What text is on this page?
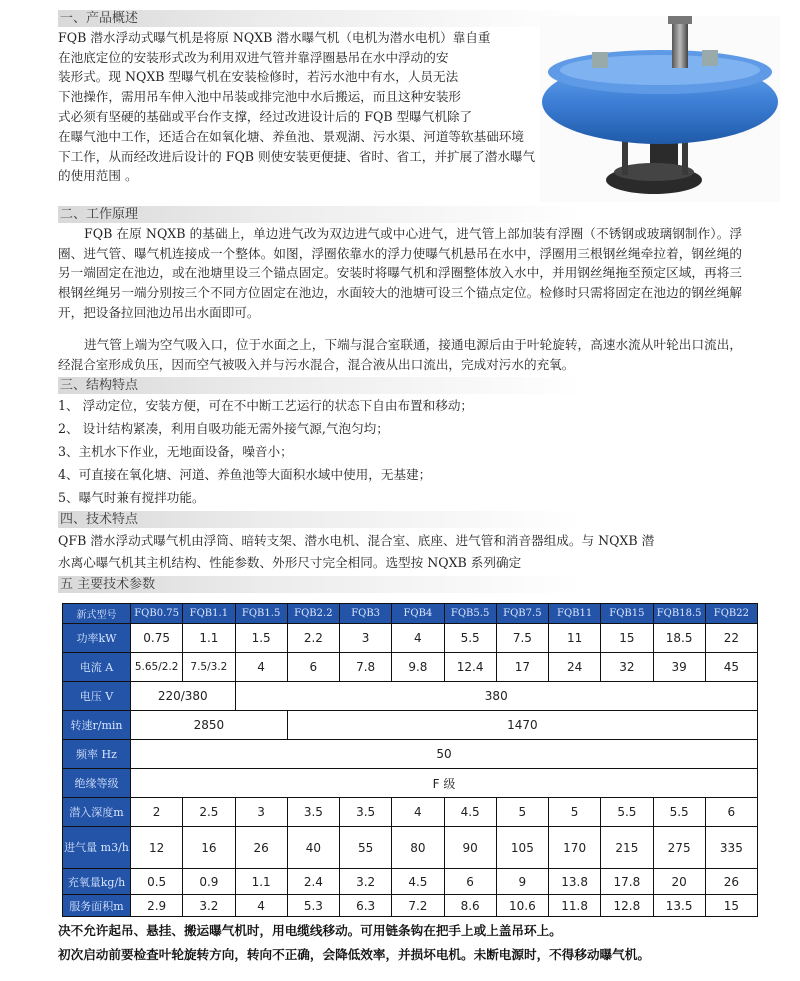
一、产品概述
FQB 潜水浮动式曝气机是将原 NQXB 潜水曝气机（电机为潜水电机）靠自重
在池底定位的安装形式改为利用双进气管并靠浮圈悬吊在水中浮动的安
装形式。现 NQXB 型曝气机在安装检修时，若污水池中有水，人员无法
下池操作，需用吊车伸入池中吊装或排完池中水后搬运，而且这种安装形
式必须有坚硬的基础或平台作支撑，经过改进设计后的 FQB 型曝气机除了
在曝气池中工作，还适合在如氧化塘、养鱼池、景观湖、污水渠、河道等软基础环境
下工作，从而经改进后设计的 FQB 则使安装更便捷、省时、省工，并扩展了潜水曝气
的使用范围 。
二、工作原理
FQB 在原 NQXB 的基础上，单边进气改为双边进气或中心进气，进气管上部加装有浮圈（不锈钢或玻璃钢制作）。浮圈、进气管、曝气机连接成一个整体。如图，浮圈依靠水的浮力使曝气机悬吊在水中，浮圈用三根钢丝绳牵拉着，钢丝绳的另一端固定在池边，或在池塘里设三个锚点固定。安装时将曝气机和浮圈整体放入水中，并用钢丝绳拖至预定区域，再将三根钢丝绳另一端分别按三个不同方位固定在池边，水面较大的池塘可设三个锚点定位。检修时只需将固定在池边的钢丝绳解开，把设备拉回池边吊出水面即可。
进气管上端为空气吸入口，位于水面之上，下端与混合室联通，接通电源后由于叶轮旋转，高速水流从叶轮出口流出，经混合室形成负压，因而空气被吸入并与污水混合，混合液从出口流出，完成对污水的充氧。
三、结构特点
1、 浮动定位，安装方便，可在不中断工艺运行的状态下自由布置和移动；
2、 设计结构紧凑，利用自吸功能无需外接气源,气泡匀均；
3、主机水下作业，无地面设备，噪音小；
4、可直接在氧化塘、河道、养鱼池等大面积水域中使用，无基建；
5、曝气时兼有搅拌功能。
四、技术特点
QFB 潜水浮动式曝气机由浮筒、暗转支架、潜水电机、混合室、底座、进气管和消音器组成。与 NQXB 潜
水离心曝气机其主机结构、性能参数、外形尺寸完全相同。选型按 NQXB 系列确定
五 主要技术参数
新式型号	FQB0.75	FQB1.1	FQB1.5	FQB2.2	FQB3	FQB4	FQB5.5	FQB7.5	FQB11	FQB15	FQB18.5	FQB22
功率kW	0.75	1.1	1.5	2.2	3	4	5.5	7.5	11	15	18.5	22
电流 A	5.65/2.2	7.5/3.2	4	6	7.8	9.8	12.4	17	24	32	39	45
电压 V	220/380		380									
转速r/min	2850			1470								
频率 Hz	50											
绝缘等级	F 级											
潜入深度m	2	2.5	3	3.5	3.5	4	4.5	5	5	5.5	5.5	6
进气量 m3/h	12	16	26	40	55	80	90	105	170	215	275	335
充氧量kg/h	0.5	0.9	1.1	2.4	3.2	4.5	6	9	13.8	17.8	20	26
服务面积m	2.9	3.2	4	5.3	6.3	7.2	8.6	10.6	11.8	12.8	13.5	15
决不允许起吊、悬挂、搬运曝气机时，用电缆线移动。可用链条钩在把手上或上盖吊环上。
初次启动前要检查叶轮旋转方向，转向不正确，会降低效率，并损坏电机。未断电源时，不得移动曝气机。
